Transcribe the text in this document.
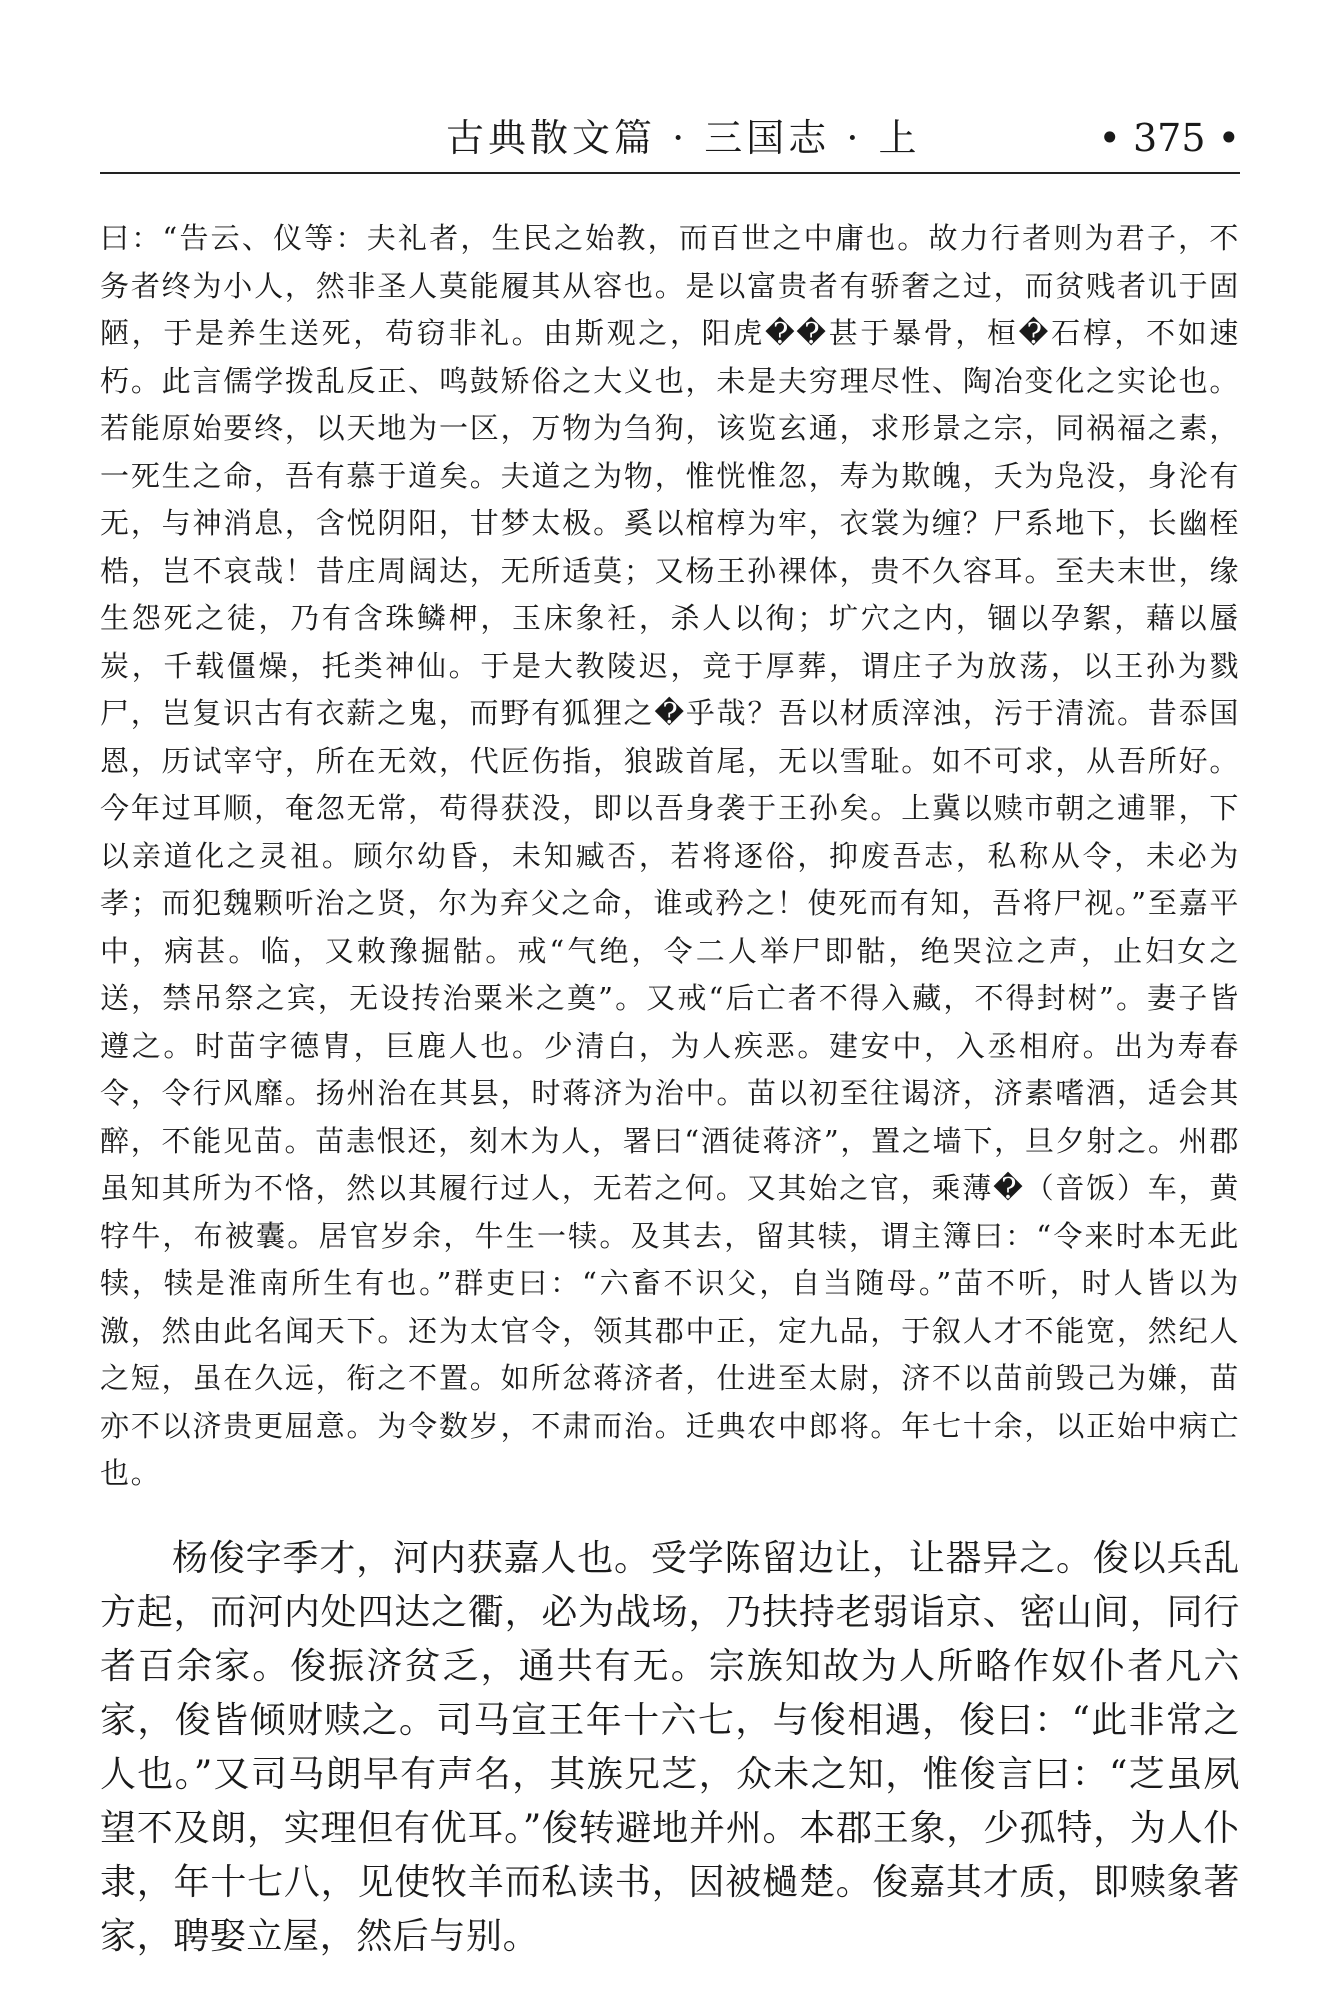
古典散文篇 · 三国志 · 上	• 375 •

曰：“告云、仪等：夫礼者，生民之始教，而百世之中庸也。故力行者则为君子，不务者终为小人，然非圣人莫能履其从容也。是以富贵者有骄奢之过，而贫贱者讥于固陋，于是养生送死，苟窃非礼。由斯观之，阳虎��甚于暴骨，桓�石椁，不如速朽。此言儒学拨乱反正、鸣鼓矫俗之大义也，未是夫穷理尽性、陶冶变化之实论也。若能原始要终，以天地为一区，万物为刍狗，该览玄通，求形景之宗，同祸福之素，一死生之命，吾有慕于道矣。夫道之为物，惟恍惟忽，寿为欺魄，夭为凫没，身沦有无，与神消息，含悦阴阳，甘梦太极。奚以棺椁为牢，衣裳为缠？尸系地下，长幽桎梏，岂不哀哉！昔庄周阔达，无所适莫；又杨王孙裸体，贵不久容耳。至夫末世，缘生怨死之徒，乃有含珠鳞柙，玉床象衽，杀人以徇；圹穴之内，锢以孕絮，藉以蜃炭，千载僵燥，托类神仙。于是大教陵迟，竞于厚葬，谓庄子为放荡，以王孙为戮尸，岂复识古有衣薪之鬼，而野有狐狸之�乎哉？吾以材质滓浊，污于清流。昔忝国恩，历试宰守，所在无效，代匠伤指，狼跋首尾，无以雪耻。如不可求，从吾所好。今年过耳顺，奄忽无常，苟得获没，即以吾身袭于王孙矣。上冀以赎市朝之逋罪，下以亲道化之灵祖。顾尔幼昏，未知臧否，若将逐俗，抑废吾志，私称从令，未必为孝；而犯魏颗听治之贤，尔为弃父之命，谁或矜之！使死而有知，吾将尸视。”至嘉平中，病甚。临，又敕豫掘骷。戒“气绝，令二人举尸即骷，绝哭泣之声，止妇女之送，禁吊祭之宾，无设抟治粟米之奠”。又戒“后亡者不得入藏，不得封树”。妻子皆遵之。时苗字德胄，巨鹿人也。少清白，为人疾恶。建安中，入丞相府。出为寿春令，令行风靡。扬州治在其县，时蒋济为治中。苗以初至往谒济，济素嗜酒，适会其醉，不能见苗。苗恚恨还，刻木为人，署曰“酒徒蒋济”，置之墙下，旦夕射之。州郡虽知其所为不恪，然以其履行过人，无若之何。又其始之官，乘薄�（音饭）车，黄牸牛，布被囊。居官岁余，牛生一犊。及其去，留其犊，谓主簿曰：“令来时本无此犊，犊是淮南所生有也。”群吏曰：“六畜不识父，自当随母。”苗不听，时人皆以为激，然由此名闻天下。还为太官令，领其郡中正，定九品，于叙人才不能宽，然纪人之短，虽在久远，衔之不置。如所忿蒋济者，仕进至太尉，济不以苗前毁己为嫌，苗亦不以济贵更屈意。为令数岁，不肃而治。迁典农中郎将。年七十余，以正始中病亡也。

杨俊字季才，河内获嘉人也。受学陈留边让，让器异之。俊以兵乱方起，而河内处四达之衢，必为战场，乃扶持老弱诣京、密山间，同行者百余家。俊振济贫乏，通共有无。宗族知故为人所略作奴仆者凡六家，俊皆倾财赎之。司马宣王年十六七，与俊相遇，俊曰：“此非常之人也。”又司马朗早有声名，其族兄芝，众未之知，惟俊言曰：“芝虽夙望不及朗，实理但有优耳。”俊转避地并州。本郡王象，少孤特，为人仆隶，年十七八，见使牧羊而私读书，因被檛楚。俊嘉其才质，即赎象著家，聘娶立屋，然后与别。
